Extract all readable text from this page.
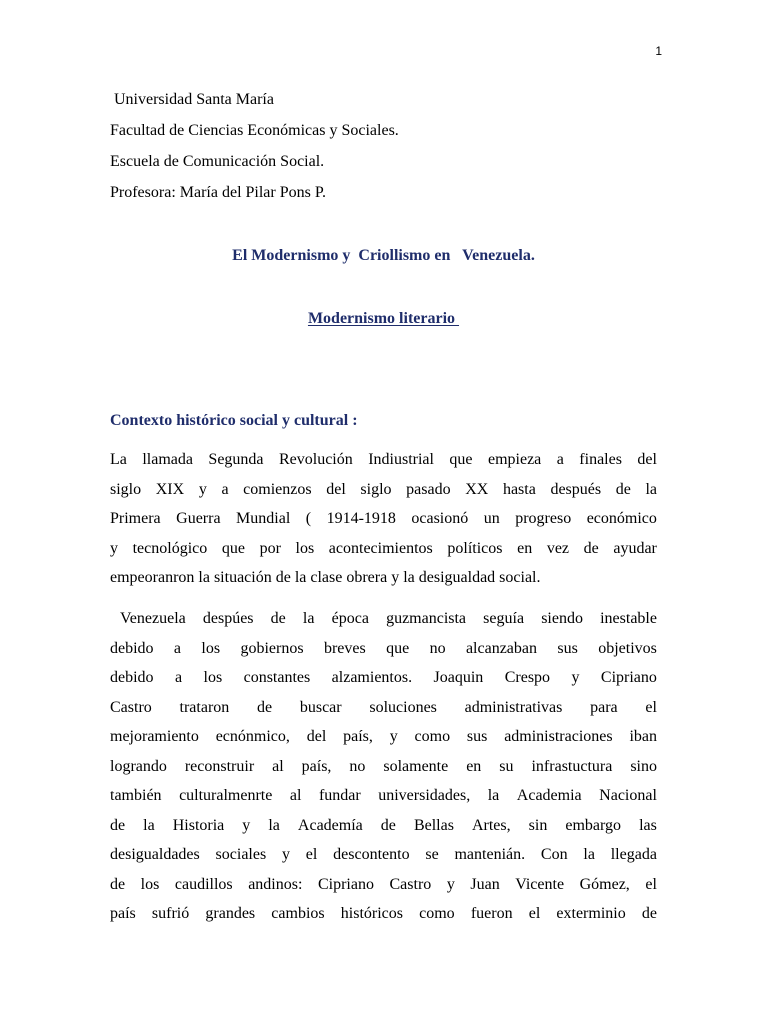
1
Universidad Santa María
Facultad de Ciencias Económicas y Sociales.
Escuela de Comunicación Social.
Profesora: María del Pilar Pons P.
El Modernismo y  Criollismo en   Venezuela.
Modernismo literario
Contexto histórico social y cultural :
La llamada Segunda Revolución Indiustrial que empieza a finales del
siglo XIX y a comienzos del siglo pasado XX hasta después de la
Primera Guerra Mundial ( 1914-1918 ocasionó un progreso económico
y tecnológico que por los acontecimientos políticos en vez de ayudar
empeoranron la situación de la clase obrera y la desigualdad social.
Venezuela despúes de la época guzmancista seguía siendo inestable
debido a los gobiernos breves que no alcanzaban sus objetivos
debido a los constantes alzamientos. Joaquin Crespo y Cipriano
Castro trataron de buscar soluciones administrativas para el
mejoramiento ecnónmico, del país, y como sus administraciones iban
logrando reconstruir al país, no solamente en su infrastuctura sino
también culturalmenrte al fundar universidades, la Academia Nacional
de la Historia y la Academía de Bellas Artes, sin embargo las
desigualdades sociales y el descontento se mantenián. Con la llegada
de los caudillos andinos: Cipriano Castro y Juan Vicente Gómez, el
país sufrió grandes cambios históricos como fueron el exterminio de
